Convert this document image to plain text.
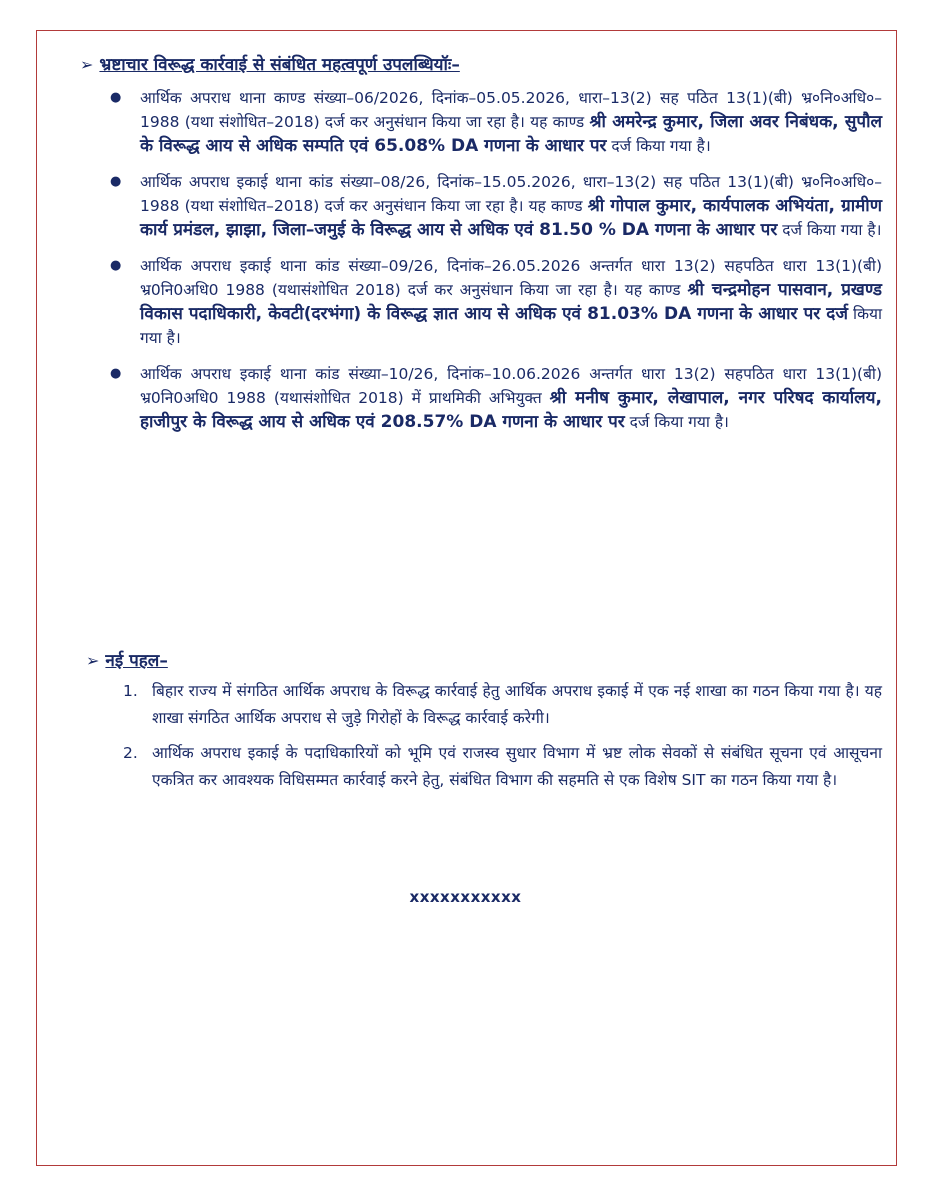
➢ भ्रष्टाचार विरूद्ध कार्रवाई से संबंधित महत्वपूर्ण उपलब्धियॉः–
● आर्थिक अपराध थाना काण्ड संख्या–06/2026, दिनांक–05.05.2026, धारा–13(2) सह पठित 13(1)(बी) भ्र०नि०अधि०–1988 (यथा संशोधित–2018) दर्ज कर अनुसंधान किया जा रहा है। यह काण्ड श्री अमरेन्द्र कुमार, जिला अवर निबंधक, सुपौल के विरूद्ध आय से अधिक सम्पति एवं 65.08% DA गणना के आधार पर दर्ज किया गया है।
● आर्थिक अपराध इकाई थाना कांड संख्या–08/26, दिनांक–15.05.2026, धारा–13(2) सह पठित 13(1)(बी) भ्र०नि०अधि०–1988 (यथा संशोधित–2018) दर्ज कर अनुसंधान किया जा रहा है। यह काण्ड श्री गोपाल कुमार, कार्यपालक अभियंता, ग्रामीण कार्य प्रमंडल, झाझा, जिला–जमुई के विरूद्ध आय से अधिक एवं 81.50 % DA गणना के आधार पर दर्ज किया गया है।
● आर्थिक अपराध इकाई थाना कांड संख्या–09/26, दिनांक–26.05.2026 अन्तर्गत धारा 13(2) सहपठित धारा 13(1)(बी) भ्र0नि0अधि0 1988 (यथासंशोधित 2018) दर्ज कर अनुसंधान किया जा रहा है। यह काण्ड श्री चन्द्रमोहन पासवान, प्रखण्ड विकास पदाधिकारी, केवटी(दरभंगा) के विरूद्ध ज्ञात आय से अधिक एवं 81.03% DA गणना के आधार पर दर्ज किया गया है।
● आर्थिक अपराध इकाई थाना कांड संख्या–10/26, दिनांक–10.06.2026 अन्तर्गत धारा 13(2) सहपठित धारा 13(1)(बी) भ्र0नि0अधि0 1988 (यथासंशोधित 2018) में प्राथमिकी अभियुक्त श्री मनीष कुमार, लेखापाल, नगर परिषद कार्यालय, हाजीपुर के विरूद्ध आय से अधिक एवं 208.57% DA गणना के आधार पर दर्ज किया गया है।
➢ नई पहल–
1. बिहार राज्य में संगठित आर्थिक अपराध के विरूद्ध कार्रवाई हेतु आर्थिक अपराध इकाई में एक नई शाखा का गठन किया गया है। यह शाखा संगठित आर्थिक अपराध से जुड़े गिरोहों के विरूद्ध कार्रवाई करेगी।
2. आर्थिक अपराध इकाई के पदाधिकारियों को भूमि एवं राजस्व सुधार विभाग में भ्रष्ट लोक सेवकों से संबंधित सूचना एवं आसूचना एकत्रित कर आवश्यक विधिसम्मत कार्रवाई करने हेतु, संबंधित विभाग की सहमति से एक विशेष SIT का गठन किया गया है।
xxxxxxxxxxx
